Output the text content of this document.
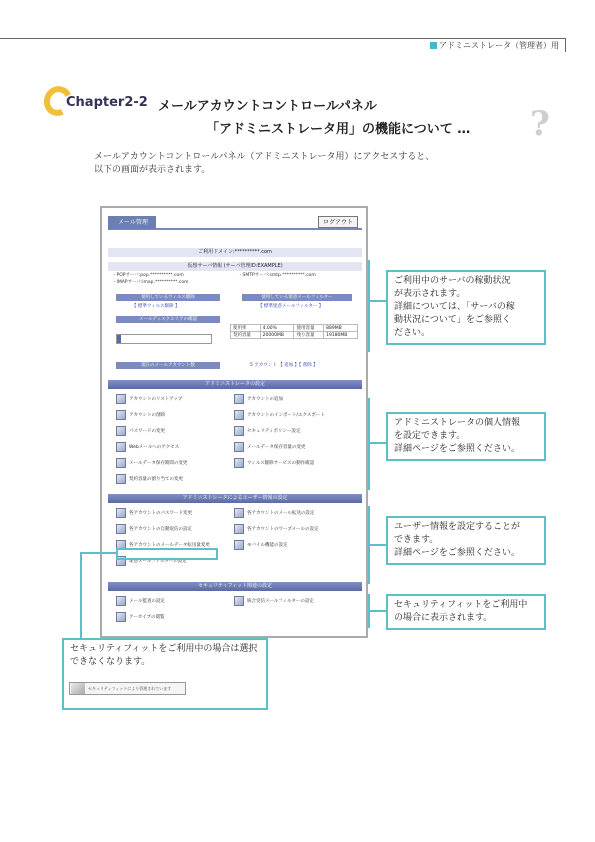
アドミニストレータ（管理者）用
Chapter2-2 メールアカウントコントロールパネル
「アドミニストレータ用」の機能について … ?
メールアカウントコントロールパネル（アドミニストレータ用）にアクセスすると、
以下の画面が表示されます。
メール管理	ログアウト
ご利用ドメイン:**********.com
仮想サーバ情報 (サーバ管理ID:EXAMPLE)
・POPサーバ:pop.**********.com	・SMTPサーバ:smtp.**********.com
・IMAPサーバ:imap.**********.com
使用しているウィルス駆除
【 標準ウィルス駆除 】
使用している迷惑メールフィルター
【 標準迷惑メールフィルター 】
メールディスクエリアの確認
使用率	4.00%	使用容量	889MB
契約容量	20000MB	残り容量	19180MB
現在のメールアカウント数	5 アカウント 【 追加 】【 削除 】
アドミニストレータの設定
アカウントのリストアップ	アカウントの追加
アカウントの削除	アカウントのインポート/エクスポート
パスワードの変更	セキュリティポリシー設定
Webメールへのアクセス	メールデータ保存容量の変更
メールデータ保存期間の変更	ウィルス駆除サービスの動作確認
契約容量の割り当ての変更
アドミニストレータによるユーザー情報の設定
各アカウントのパスワード変更	各アカウントのメール転送の設定
各アカウントの自動返信の設定	各アカウントのワープメールの設定
各アカウントのメールデータ転送量変更	モバイル機能の設定
迷惑メールフィルターの設定
セキュリティフィット関連の設定
メール監査の設定	統合受信メールフィルターの設定
アーカイブの閲覧
ご利用中のサーバの稼動状況
が表示されます。
詳細については、「サーバの稼
動状況について」をご参照く
ださい。
アドミニストレータの個人情報
を設定できます。
詳細ページをご参照ください。
ユーザー情報を設定することが
できます。
詳細ページをご参照ください。
セキュリティフィットをご利用中
の場合に表示されます。
セキュリティフィットをご利用中の場合は選択
できなくなります。
セキュリティフィットにより管理されています
